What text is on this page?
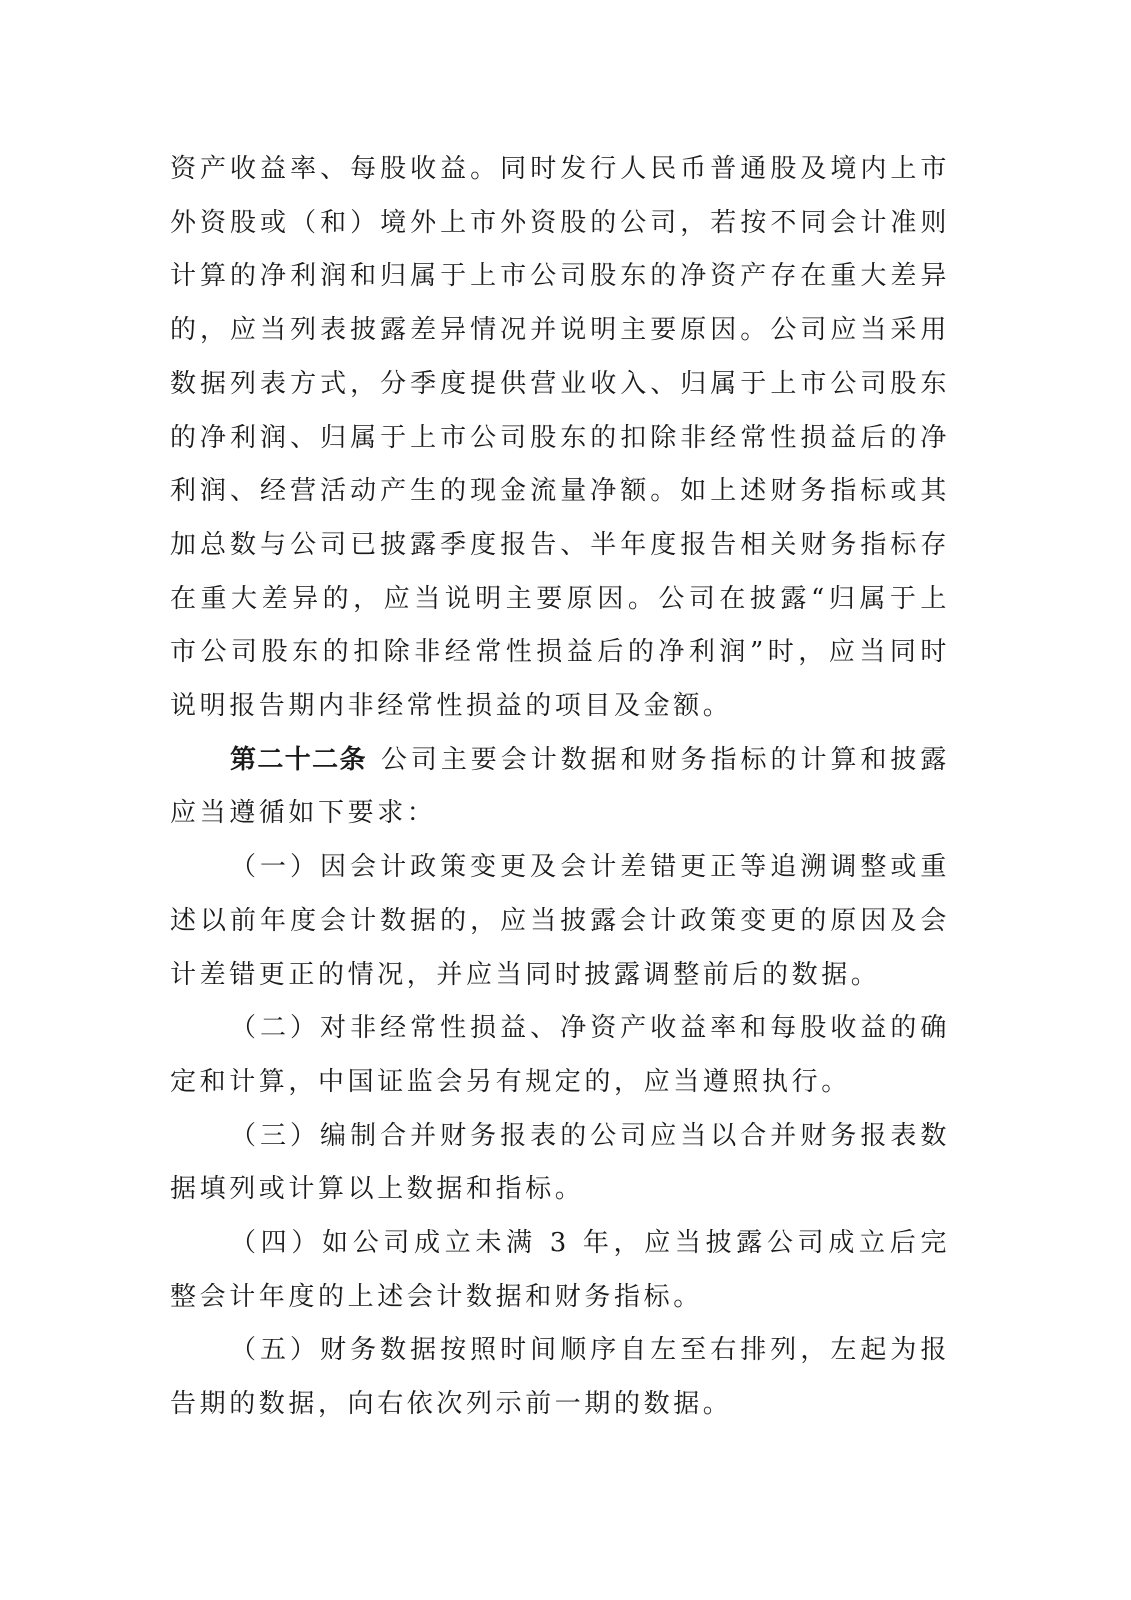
资产收益率、每股收益。同时发行人民币普通股及境内上市外资股或（和）境外上市外资股的公司，若按不同会计准则计算的净利润和归属于上市公司股东的净资产存在重大差异的，应当列表披露差异情况并说明主要原因。公司应当采用数据列表方式，分季度提供营业收入、归属于上市公司股东的净利润、归属于上市公司股东的扣除非经常性损益后的净利润、经营活动产生的现金流量净额。如上述财务指标或其加总数与公司已披露季度报告、半年度报告相关财务指标存在重大差异的，应当说明主要原因。公司在披露“归属于上市公司股东的扣除非经常性损益后的净利润”时，应当同时说明报告期内非经常性损益的项目及金额。

第二十二条 公司主要会计数据和财务指标的计算和披露应当遵循如下要求：

（一）因会计政策变更及会计差错更正等追溯调整或重述以前年度会计数据的，应当披露会计政策变更的原因及会计差错更正的情况，并应当同时披露调整前后的数据。

（二）对非经常性损益、净资产收益率和每股收益的确定和计算，中国证监会另有规定的，应当遵照执行。

（三）编制合并财务报表的公司应当以合并财务报表数据填列或计算以上数据和指标。

（四）如公司成立未满 3 年，应当披露公司成立后完整会计年度的上述会计数据和财务指标。

（五）财务数据按照时间顺序自左至右排列，左起为报告期的数据，向右依次列示前一期的数据。
